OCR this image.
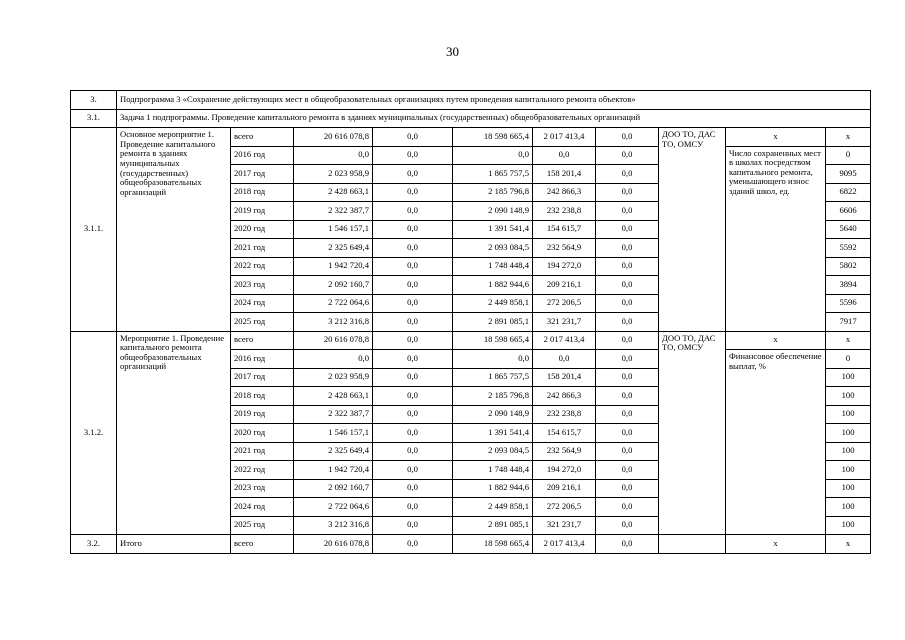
30
3.	Подпрограмма 3 «Сохранение действующих мест в общеобразовательных организациях путем проведения капитального ремонта объектов»									
3.1.	Задача 1 подпрограммы. Проведение капитального ремонта в зданиях муниципальных (государственных) общеобразовательных организаций									
3.1.1.	Основное мероприятие 1. Проведение капитального ремонта в зданиях муниципальных (государственных) общеобразовательных организаций	всего	20 616 078,8	0,0	18 598 665,4	2 017 413,4	0,0	ДОО ТО, ДАС ТО, ОМСУ	x	x
		2016 год	0,0	0,0	0,0	0,0	0,0		Число сохраненных мест в школах посредством капитального ремонта, уменьшающего износ зданий школ, ед.	0
		2017 год	2 023 958,9	0,0	1 865 757,5	158 201,4	0,0			9095
		2018 год	2 428 663,1	0,0	2 185 796,8	242 866,3	0,0			6822
		2019 год	2 322 387,7	0,0	2 090 148,9	232 238,8	0,0			6606
		2020 год	1 546 157,1	0,0	1 391 541,4	154 615,7	0,0			5640
		2021 год	2 325 649,4	0,0	2 093 084,5	232 564,9	0,0			5592
		2022 год	1 942 720,4	0,0	1 748 448,4	194 272,0	0,0			5802
		2023 год	2 092 160,7	0,0	1 882 944,6	209 216,1	0,0			3894
		2024 год	2 722 064,6	0,0	2 449 858,1	272 206,5	0,0			5596
		2025 год	3 212 316,8	0,0	2 891 085,1	321 231,7	0,0			7917
3.1.2.	Мероприятие 1. Проведение капитального ремонта общеобразовательных организаций	всего	20 616 078,8	0,0	18 598 665,4	2 017 413,4	0,0	ДОО ТО, ДАС ТО, ОМСУ	x	x
		2016 год	0,0	0,0	0,0	0,0	0,0		Финансовое обеспечение выплат, %	0
		2017 год	2 023 958,9	0,0	1 865 757,5	158 201,4	0,0			100
		2018 год	2 428 663,1	0,0	2 185 796,8	242 866,3	0,0			100
		2019 год	2 322 387,7	0,0	2 090 148,9	232 238,8	0,0			100
		2020 год	1 546 157,1	0,0	1 391 541,4	154 615,7	0,0			100
		2021 год	2 325 649,4	0,0	2 093 084,5	232 564,9	0,0			100
		2022 год	1 942 720,4	0,0	1 748 448,4	194 272,0	0,0			100
		2023 год	2 092 160,7	0,0	1 882 944,6	209 216,1	0,0			100
		2024 год	2 722 064,6	0,0	2 449 858,1	272 206,5	0,0			100
		2025 год	3 212 316,8	0,0	2 891 085,1	321 231,7	0,0			100
3.2.	Итого	всего	20 616 078,8	0,0	18 598 665,4	2 017 413,4	0,0		x	x
